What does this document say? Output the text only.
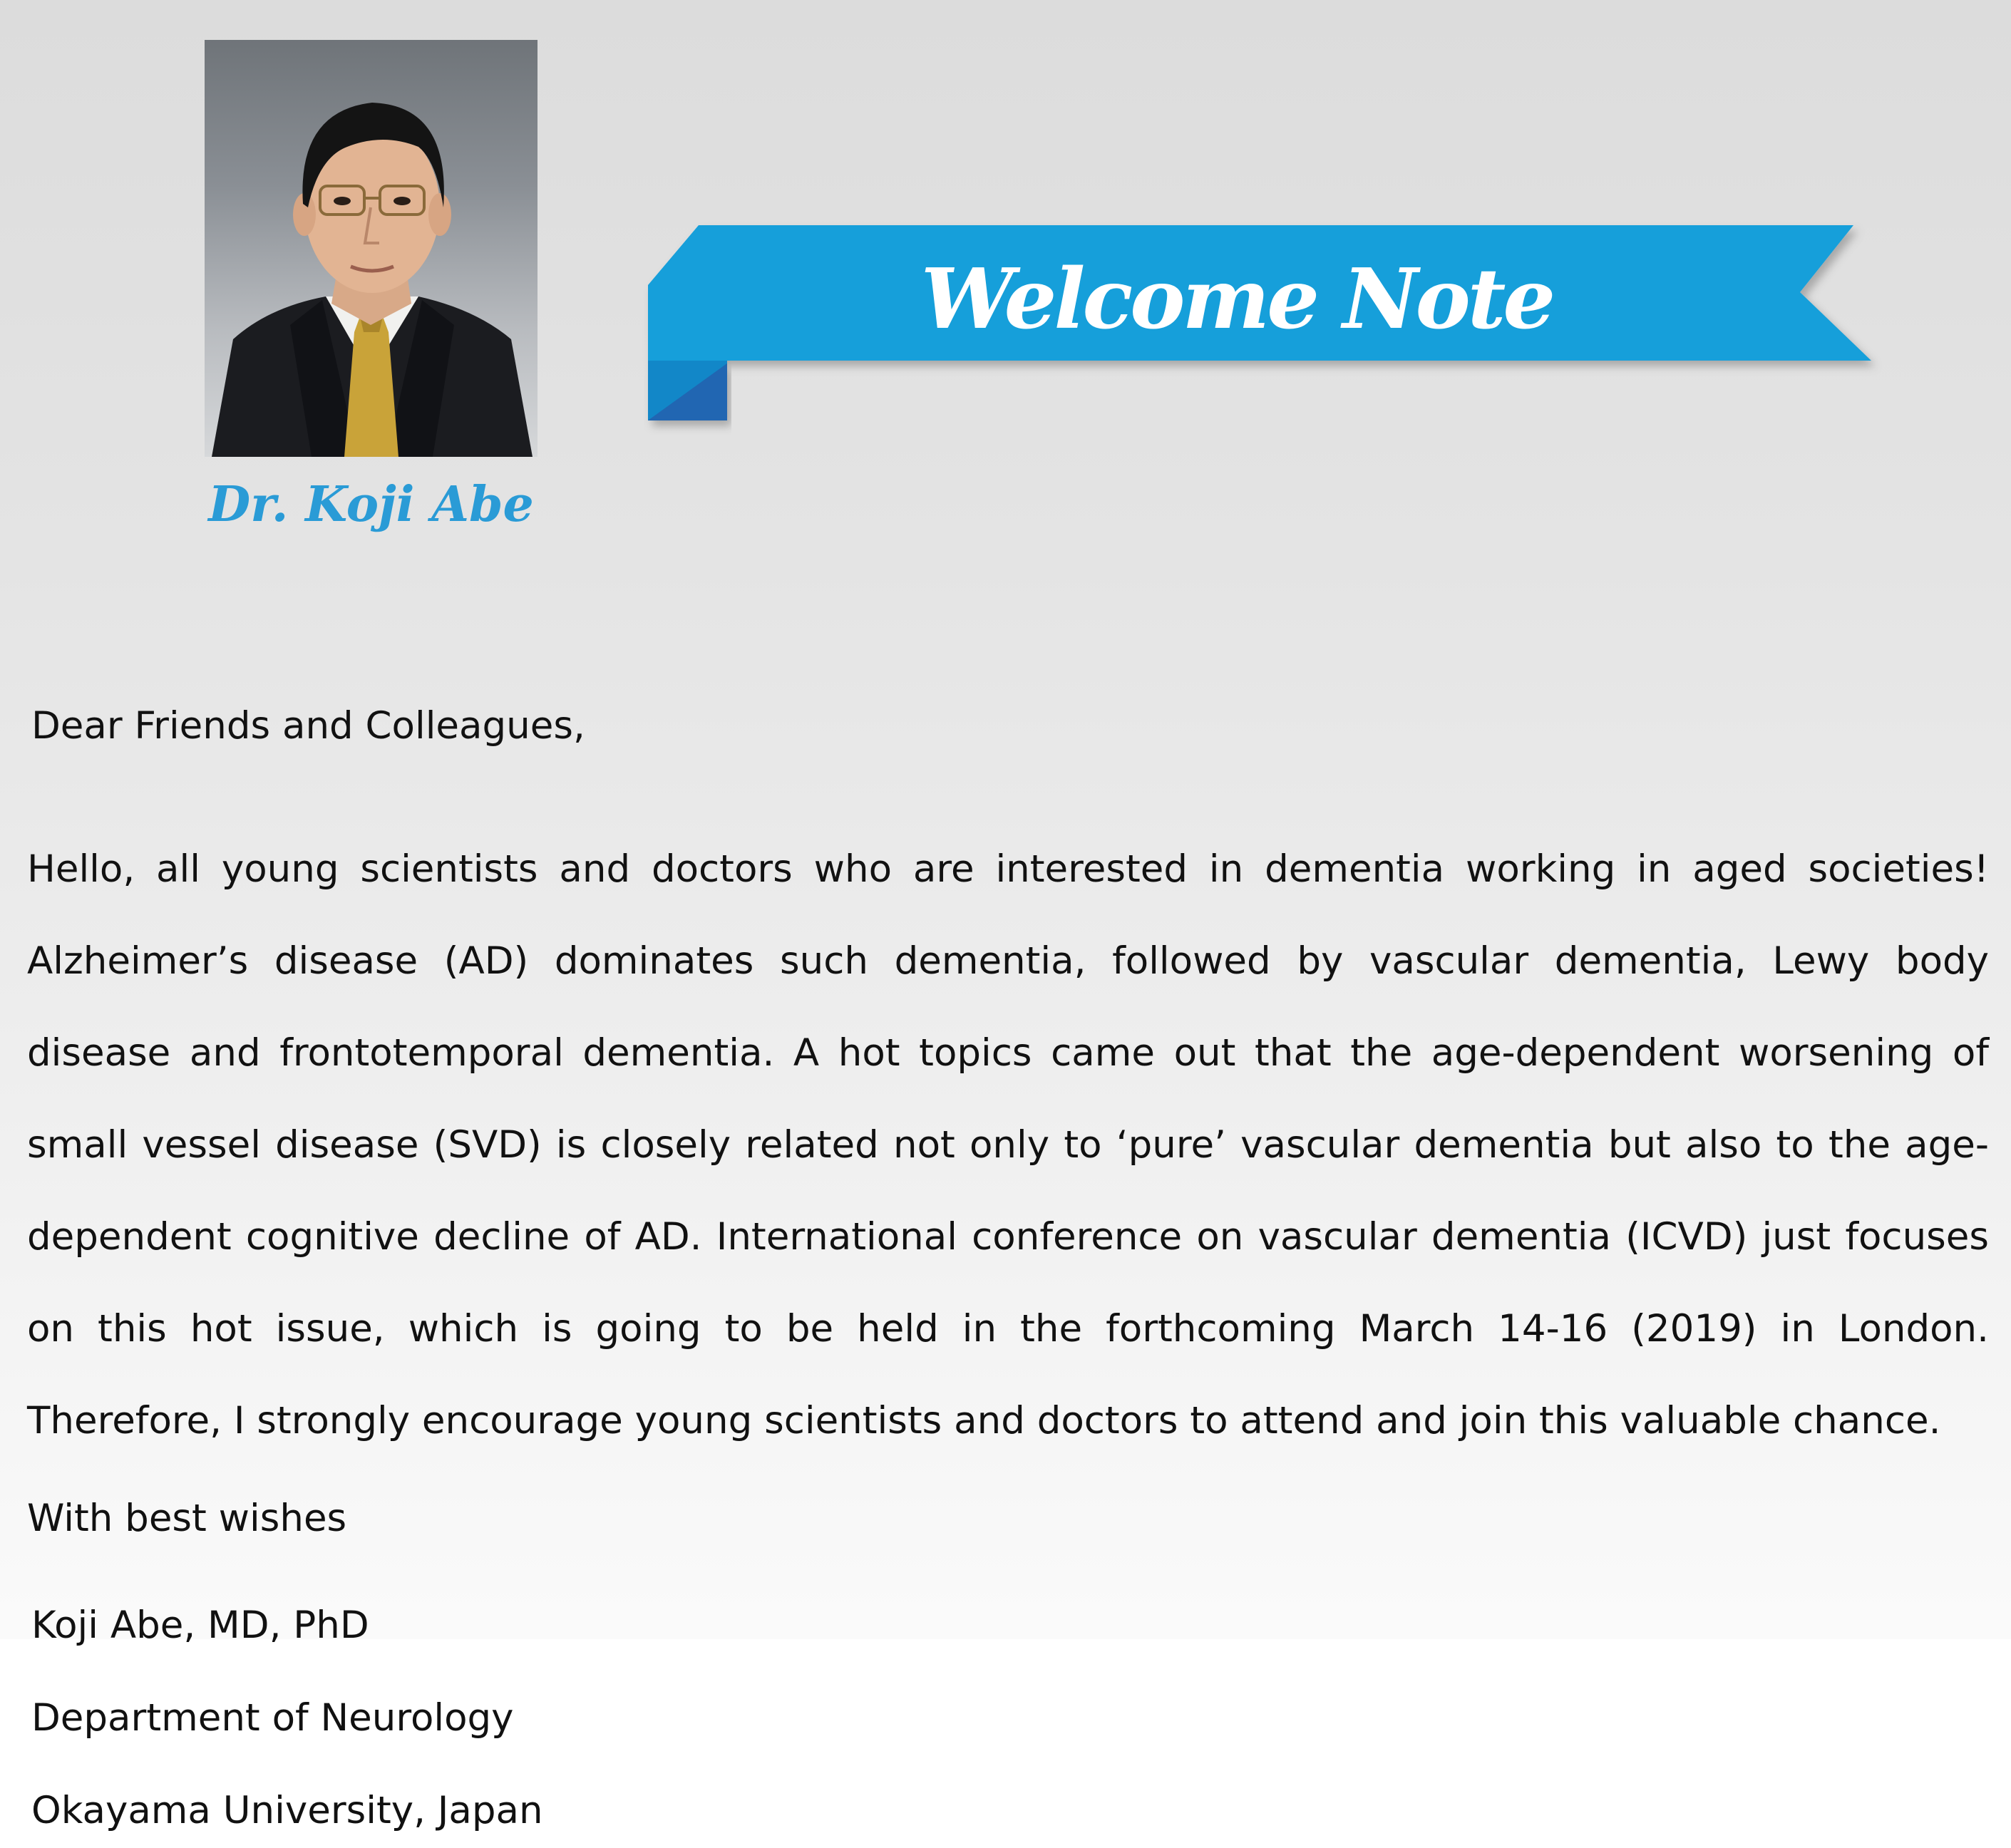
Dr. Koji Abe
Welcome Note
Dear Friends and Colleagues,
Hello, all young scientists and doctors who are interested in dementia working in aged societies! Alzheimer’s disease (AD) dominates such dementia, followed by vascular dementia, Lewy body disease and frontotemporal dementia. A hot topics came out that the age-dependent worsening of small vessel disease (SVD) is closely related not only to ‘pure’ vascular dementia but also to the age-dependent cognitive decline of AD. International conference on vascular dementia (ICVD) just focuses on this hot issue, which is going to be held in the forthcoming March 14-16 (2019) in London. Therefore, I strongly encourage young scientists and doctors to attend and join this valuable chance.
With best wishes
Koji Abe, MD, PhD
Department of Neurology
Okayama University, Japan
